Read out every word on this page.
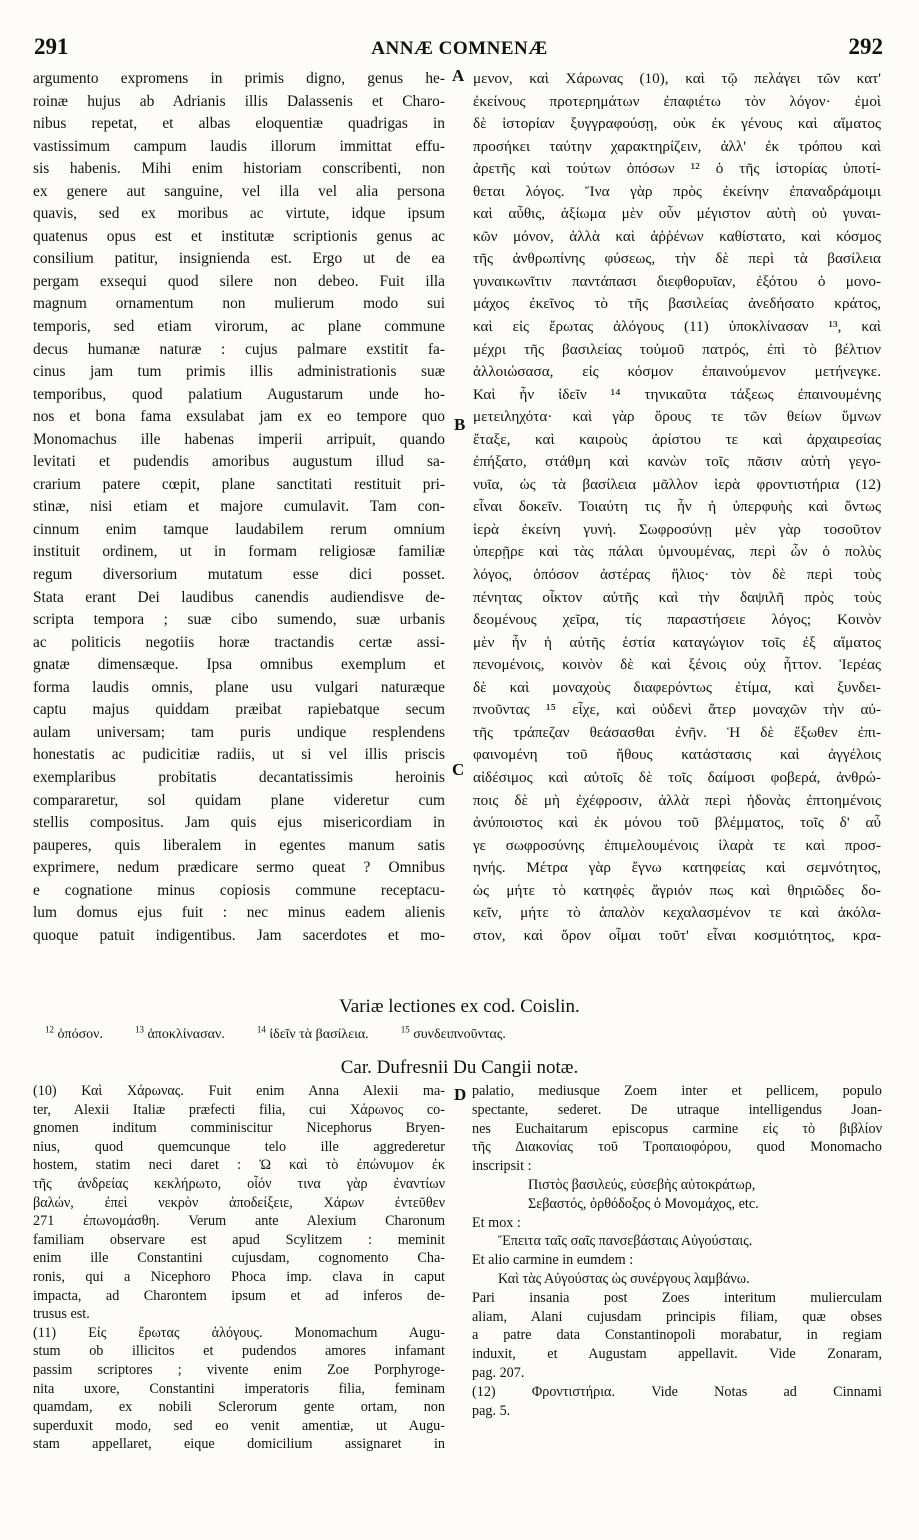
291	ANNÆ COMNENÆ	292
argumento expromens in primis digno, genus he-
roinæ hujus ab Adrianis illis Dalassenis et Charo-
nibus repetat, et albas eloquentiæ quadrigas in
vastissimum campum laudis illorum immittat effu-
sis habenis. Mihi enim historiam conscribenti, non
ex genere aut sanguine, vel illa vel alia persona
quavis, sed ex moribus ac virtute, idque ipsum
quatenus opus est et institutæ scriptionis genus ac
consilium patitur, insignienda est. Ergo ut de ea
pergam exsequi quod silere non debeo. Fuit illa
magnum ornamentum non mulierum modo sui
temporis, sed etiam virorum, ac plane commune
decus humanæ naturæ : cujus palmare exstitit fa-
cinus jam tum primis illis administrationis suæ
temporibus, quod palatium Augustarum unde ho-
nos et bona fama exsulabat jam ex eo tempore quo
Monomachus ille habenas imperii arripuit, quando
levitati et pudendis amoribus augustum illud sa-
crarium patere cœpit, plane sanctitati restituit pri-
stinæ, nisi etiam et majore cumulavit. Tam con-
cinnum enim tamque laudabilem rerum omnium
instituit ordinem, ut in formam religiosæ familiæ
regum diversorium mutatum esse dici posset.
Stata erant Dei laudibus canendis audiendisve de-
scripta tempora ; suæ cibo sumendo, suæ urbanis
ac politicis negotiis horæ tractandis certæ assi-
gnatæ dimensæque. Ipsa omnibus exemplum et
forma laudis omnis, plane usu vulgari naturæque
captu majus quiddam præibat rapiebatque secum
aulam universam; tam puris undique resplendens
honestatis ac pudicitiæ radiis, ut si vel illis priscis
exemplaribus probitatis decantatissimis heroinis
compararetur, sol quidam plane videretur cum
stellis compositus. Jam quis ejus misericordiam in
pauperes, quis liberalem in egentes manum satis
exprimere, nedum prædicare sermo queat ? Omnibus
e cognatione minus copiosis commune receptacu-
lum domus ejus fuit : nec minus eadem alienis
quoque patuit indigentibus. Jam sacerdotes et mo-
μενον, καὶ Χάρωνας (10), καὶ τῷ πελάγει τῶν κατ'
ἐκείνους προτερημάτων ἐπαφιέτω τὸν λόγον· ἐμοὶ
δὲ ἱστορίαν ξυγγραφούσῃ, οὐκ ἐκ γένους καὶ αἵματος
προσήκει ταύτην χαρακτηρίζειν, ἀλλ' ἐκ τρόπου καὶ
ἀρετῆς καὶ τούτων ὁπόσων ¹² ὁ τῆς ἱστορίας ὑποτί-
θεται λόγος. Ἵνα γὰρ πρὸς ἐκείνην ἐπαναδράμοιμι
καὶ αὖθις, ἀξίωμα μὲν οὖν μέγιστον αὐτὴ οὐ γυναι-
κῶν μόνον, ἀλλὰ καὶ ἀῤῥένων καθίστατο, καὶ κόσμος
τῆς ἀνθρωπίνης φύσεως, τὴν δὲ περὶ τὰ βασίλεια
γυναικωνῖτιν παντάπασι διεφθορυῖαν, ἐξότου ὁ μονο-
μάχος ἐκεῖνος τὸ τῆς βασιλείας ἀνεδήσατο κράτος,
καὶ εἰς ἔρωτας ἀλόγους (11) ὑποκλίνασαν ¹³, καὶ
μέχρι τῆς βασιλείας τοὐμοῦ πατρός, ἐπὶ τὸ βέλτιον
ἀλλοιώσασα, εἰς κόσμον ἐπαινούμενον μετήνεγκε.
Καὶ ἦν ἰδεῖν ¹⁴ τηνικαῦτα τάξεως ἐπαινουμένης
μετειληχότα· καὶ γὰρ ὅρους τε τῶν θείων ὕμνων
ἔταξε, καὶ καιροὺς ἀρίστου τε καὶ ἀρχαιρεσίας
ἐπήξατο, στάθμη καὶ κανὼν τοῖς πᾶσιν αὐτὴ γεγο-
νυῖα, ὡς τὰ βασίλεια μᾶλλον ἱερὰ φροντιστήρια (12)
εἶναι δοκεῖν. Τοιαύτη τις ἦν ἡ ὑπερφυὴς καὶ ὄντως
ἱερὰ ἐκείνη γυνή. Σωφροσύνῃ μὲν γὰρ τοσοῦτον
ὑπερῇρε καὶ τὰς πάλαι ὑμνουμένας, περὶ ὧν ὁ πολὺς
λόγος, ὁπόσον ἀστέρας ἥλιος· τὸν δὲ περὶ τοὺς
πένητας οἶκτον αὐτῆς καὶ τὴν δαψιλῆ πρὸς τοὺς
δεομένους χεῖρα, τίς παραστήσειε λόγος; Κοινὸν
μὲν ἦν ἡ αὐτῆς ἑστία καταγώγιον τοῖς ἐξ αἵματος
πενομένοις, κοινὸν δὲ καὶ ξένοις οὐχ ἧττον. Ἱερέας
δὲ καὶ μοναχοὺς διαφερόντως ἐτίμα, καὶ ξυνδει-
πνοῦντας ¹⁵ εἶχε, καὶ οὐδενὶ ἄτερ μοναχῶν τὴν αὐ-
τῆς τράπεζαν θεάσασθαι ἐνῆν. Ἡ δὲ ἔξωθεν ἐπι-
φαινομένη τοῦ ἤθους κατάστασις καὶ ἀγγέλοις
αἰδέσιμος καὶ αὐτοῖς δὲ τοῖς δαίμοσι φοβερά, ἀνθρώ-
ποις δὲ μὴ ἐχέφροσιν, ἀλλὰ περὶ ἡδονὰς ἐπτοημένοις
ἀνύποιστος καὶ ἐκ μόνου τοῦ βλέμματος, τοῖς δ' αὖ
γε σωφροσύνης ἐπιμελουμένοις ἱλαρὰ τε καὶ προσ-
ηνής. Μέτρα γὰρ ἔγνω κατηφείας καὶ σεμνότητος,
ὡς μήτε τὸ κατηφὲς ἄγριόν πως καὶ θηριῶδες δο-
κεῖν, μήτε τὸ ἁπαλὸν κεχαλασμένον τε καὶ ἀκόλα-
στον, καὶ ὅρον οἶμαι τοῦτ' εἶναι κοσμιότητος, κρα-
A
B
C
D
Variæ lectiones ex cod. Coislin.
$^{12}$ ὁπόσον.	$^{13}$ ἀποκλίνασαν.	$^{14}$ ἰδεῖν τὰ βασίλεια.	$^{15}$ συνδειπνοῦντας.
Car. Dufresnii Du Cangii notæ.
(10) Καὶ Χάρωνας. Fuit enim Anna Alexii ma-
ter, Alexii Italiæ præfecti filia, cui Χάρωνος co-
gnomen inditum comminiscitur Nicephorus Bryen-
nius, quod quemcunque telo ille aggrederetur
hostem, statim neci daret : Ὡ καὶ τὸ ἐπώνυμον ἐκ
τῆς ἀνδρείας κεκλήρωτο, οἷόν τινα γὰρ ἐναντίων
βαλών, ἐπεὶ νεκρὸν ἀποδείξειε, Χάρων ἐντεῦθεν
271 ἐπωνομάσθη. Verum ante Alexium Charonum
familiam observare est apud Scylitzem : meminit
enim ille Constantini cujusdam, cognomento Cha-
ronis, qui a Nicephoro Phoca imp. clava in caput
impacta, ad Charontem ipsum et ad inferos de-
trusus est.
(11) Εἰς ἔρωτας ἀλόγους. Monomachum Augu-
stum ob illicitos et pudendos amores infamant
passim scriptores ; vivente enim Zoe Porphyroge-
nita uxore, Constantini imperatoris filia, feminam
quamdam, ex nobili Sclerorum gente ortam, non
superduxit modo, sed eo venit amentiæ, ut Augu-
stam appellaret, eique domicilium assignaret in
palatio, mediusque Zoem inter et pellicem, populo
spectante, sederet. De utraque intelligendus Joan-
nes Euchaitarum episcopus carmine εἰς τὸ βιβλίον
τῆς Διακονίας τοῦ Τροπαιοφόρου, quod Monomacho
inscripsit :
Πιστὸς βασιλεύς, εὐσεβὴς αὐτοκράτωρ,
Σεβαστός, ὀρθόδοξος ὁ Μονομάχος, etc.
Et mox :
Ἔπειτα ταῖς σαῖς πανσεβάσταις Αὐγούσταις.
Et alio carmine in eumdem :
Καὶ τὰς Αὐγούστας ὡς συνέργους λαμβάνω.
Pari insania post Zoes interitum mulierculam
aliam, Alani cujusdam principis filiam, quæ obses
a patre data Constantinopoli morabatur, in regiam
induxit, et Augustam appellavit. Vide Zonaram,
pag. 207.
(12) Φροντιστήρια. Vide Notas ad Cinnami
pag. 5.
